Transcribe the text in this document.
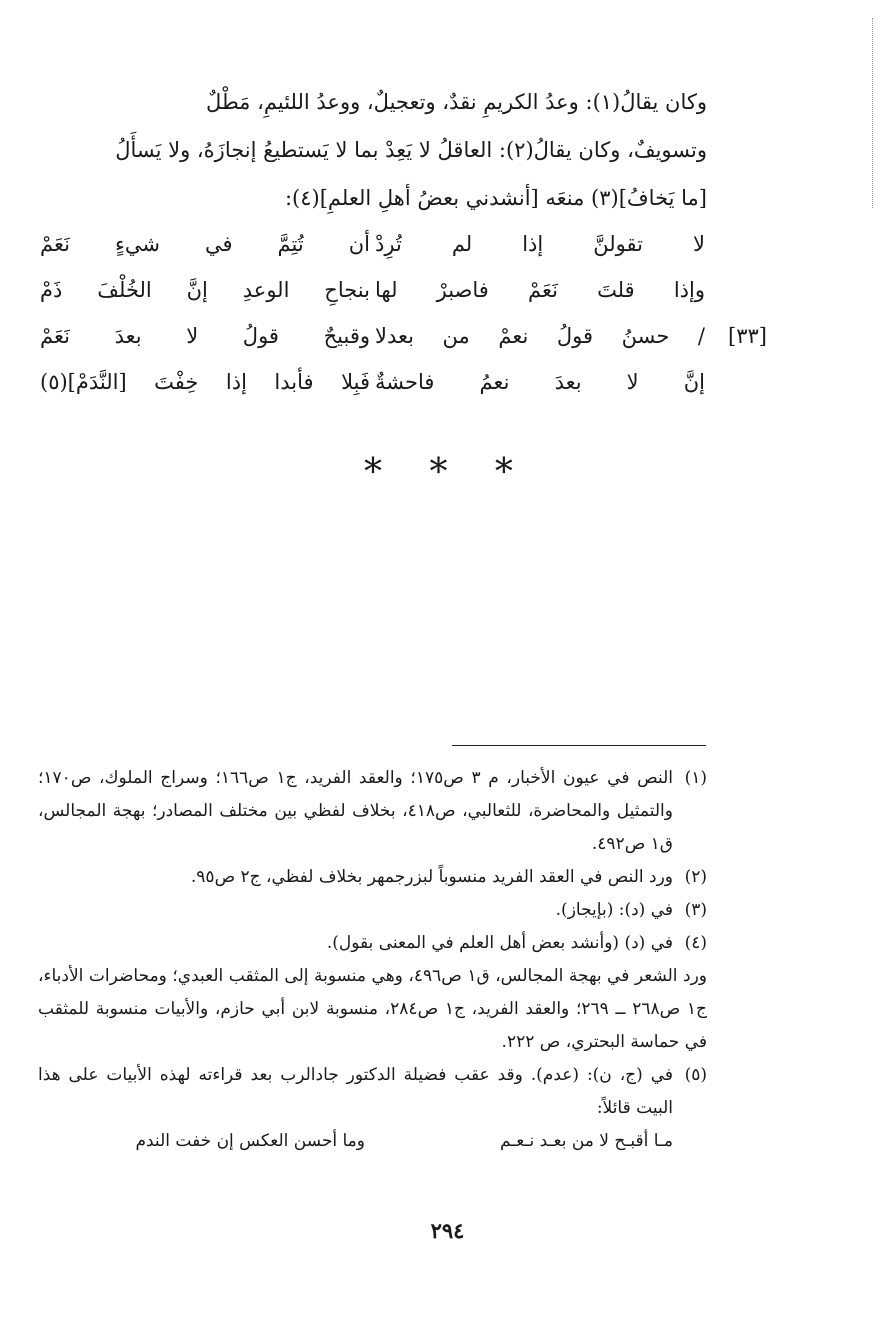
وكان يقالُ(١): وعدُ الكريمِ نقدٌ، وتعجيلٌ، ووعدُ اللئيمِ، مَطْلٌ

وتسويفٌ، وكان يقالُ(٢): العاقلُ لا يَعِدْ بما لا يَستطيعُ إنجازَهُ، ولا يَسأَلُ

[ما يَخافُ](٣) منعَه [أنشدني بعضُ أهلِ العلمِ](٤):

لا تقولنَّ إذا لم تُرِدْ
أن تُتِمَّ في شيءٍ نَعَمْ
وإذا قلتَ نَعَمْ فاصبرْ لها
بنجاحِ الوعدِ إنَّ الخُلْفَ ذَمْ
[٣٣]
/ حسنُ قولُ نعمْ من بعدلا
وقبيحٌ قولُ لا بعدَ نَعَمْ
إنَّ لا بعدَ نعمُ فاحشةٌ
فَبِلا فأبدا إذا خِفْتَ [النَّدَمْ](٥)
* * *

(١)
النص في عيون الأخبار، م ٣ ص١٧٥؛ والعقد الفريد، ج١ ص١٦٦؛ وسراج الملوك، ص١٧٠؛ والتمثيل والمحاضرة، للثعالبي، ص٤١٨، بخلاف لفظي بين مختلف المصادر؛ بهجة المجالس، ق١ ص٤٩٢.

(٢)
ورد النص في العقد الفريد منسوباً لبزرجمهر بخلاف لفظي، ج٢ ص٩٥.

(٣)
في (د): (بإيجاز).

(٤)
في (د) (وأنشد بعض أهل العلم في المعنى بقول).

ورد الشعر في بهجة المجالس، ق١ ص٤٩٦، وهي منسوبة إلى المثقب العبدي؛ ومحاضرات الأدباء، ج١ ص٢٦٨ ــ ٢٦٩؛ والعقد الفريد، ج١ ص٢٨٤، منسوبة لابن أبي حازم، والأبيات منسوبة للمثقب في حماسة البحتري، ص ٢٢٢.

(٥)
في (ج، ن): (عدم). وقد عقب فضيلة الدكتور جادالرب بعد قراءته لهذه الأبيات على هذا البيت قائلاً:

مـا أقبـح لا من بعـد نـعـم
وما أحسن العكس إن خفت الندم
٢٩٤
